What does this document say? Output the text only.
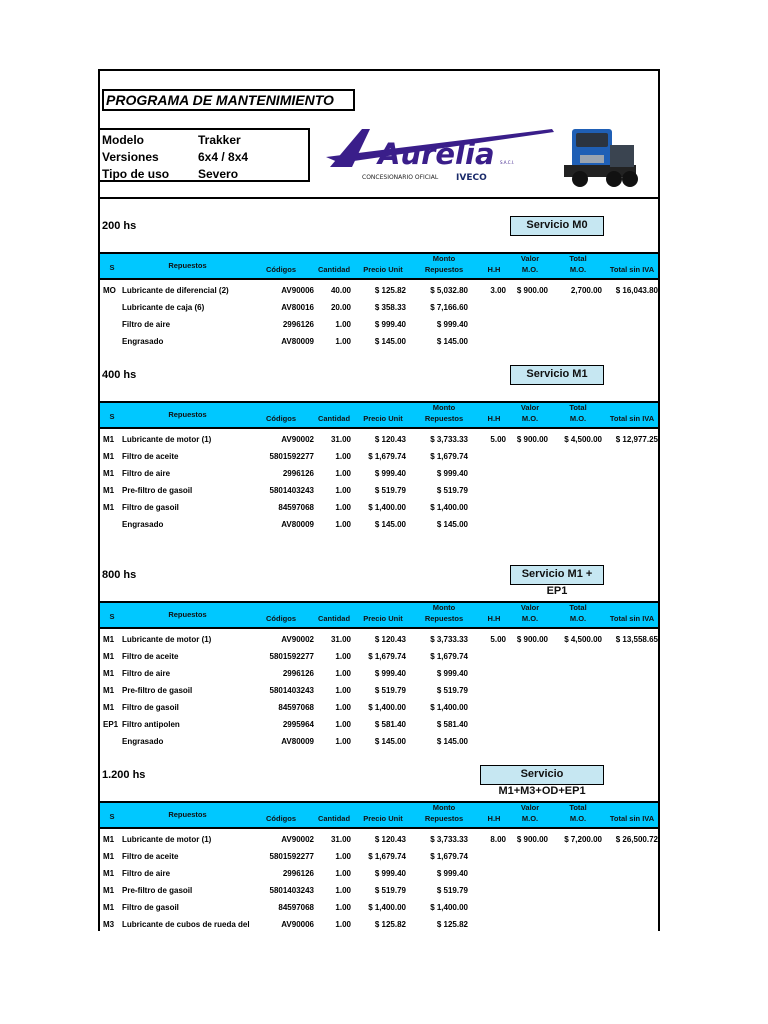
PROGRAMA DE MANTENIMIENTO
Modelo	Trakker
Versiones	6x4 / 8x4
Tipo de uso	Severo
Aurelia S.A.C.I.
CONCESIONARIO OFICIAL IVECO
200 hs	Servicio M0
S	Repuestos	Códigos	Cantidad	Precio Unit
Monto
Repuestos	H.H
Valor
M.O.
Total
M.O.	Total sin IVA
MO Lubricante de diferencial (2)	AV90006	40.00	$ 125.82	$ 5,032.80	3.00	$ 900.00	2,700.00	$ 16,043.80
Lubricante de caja (6)	AV80016	20.00	$ 358.33	$ 7,166.60
Filtro de aire	2996126	1.00	$ 999.40	$ 999.40
Engrasado	AV80009	1.00	$ 145.00	$ 145.00
400 hs	Servicio M1
S	Repuestos	Códigos	Cantidad	Precio Unit
Monto
Repuestos	H.H
Valor
M.O.
Total
M.O.	Total sin IVA
M1 Lubricante de motor (1)	AV90002	31.00	$ 120.43	$ 3,733.33	5.00	$ 900.00	$ 4,500.00	$ 12,977.25
M1 Filtro de aceite	5801592277	1.00	$ 1,679.74	$ 1,679.74
M1 Filtro de aire	2996126	1.00	$ 999.40	$ 999.40
M1 Pre-filtro de gasoil	5801403243	1.00	$ 519.79	$ 519.79
M1 Filtro de gasoil	84597068	1.00	$ 1,400.00	$ 1,400.00
Engrasado	AV80009	1.00	$ 145.00	$ 145.00
800 hs	Servicio M1 + EP1
S	Repuestos	Códigos	Cantidad	Precio Unit
Monto
Repuestos	H.H
Valor
M.O.
Total
M.O.	Total sin IVA
M1 Lubricante de motor (1)	AV90002	31.00	$ 120.43	$ 3,733.33	5.00	$ 900.00	$ 4,500.00	$ 13,558.65
M1 Filtro de aceite	5801592277	1.00	$ 1,679.74	$ 1,679.74
M1 Filtro de aire	2996126	1.00	$ 999.40	$ 999.40
M1 Pre-filtro de gasoil	5801403243	1.00	$ 519.79	$ 519.79
M1 Filtro de gasoil	84597068	1.00	$ 1,400.00	$ 1,400.00
EP1 Filtro antipolen	2995964	1.00	$ 581.40	$ 581.40
Engrasado	AV80009	1.00	$ 145.00	$ 145.00
1.200 hs	Servicio M1+M3+OD+EP1
S	Repuestos	Códigos	Cantidad	Precio Unit
Monto
Repuestos	H.H
Valor
M.O.
Total
M.O.	Total sin IVA
M1 Lubricante de motor (1)	AV90002	31.00	$ 120.43	$ 3,733.33	8.00	$ 900.00	$ 7,200.00	$ 26,500.72
M1 Filtro de aceite	5801592277	1.00	$ 1,679.74	$ 1,679.74
M1 Filtro de aire	2996126	1.00	$ 999.40	$ 999.40
M1 Pre-filtro de gasoil	5801403243	1.00	$ 519.79	$ 519.79
M1 Filtro de gasoil	84597068	1.00	$ 1,400.00	$ 1,400.00
M3 Lubricante de cubos de rueda del	AV90006	1.00	$ 125.82	$ 125.82
